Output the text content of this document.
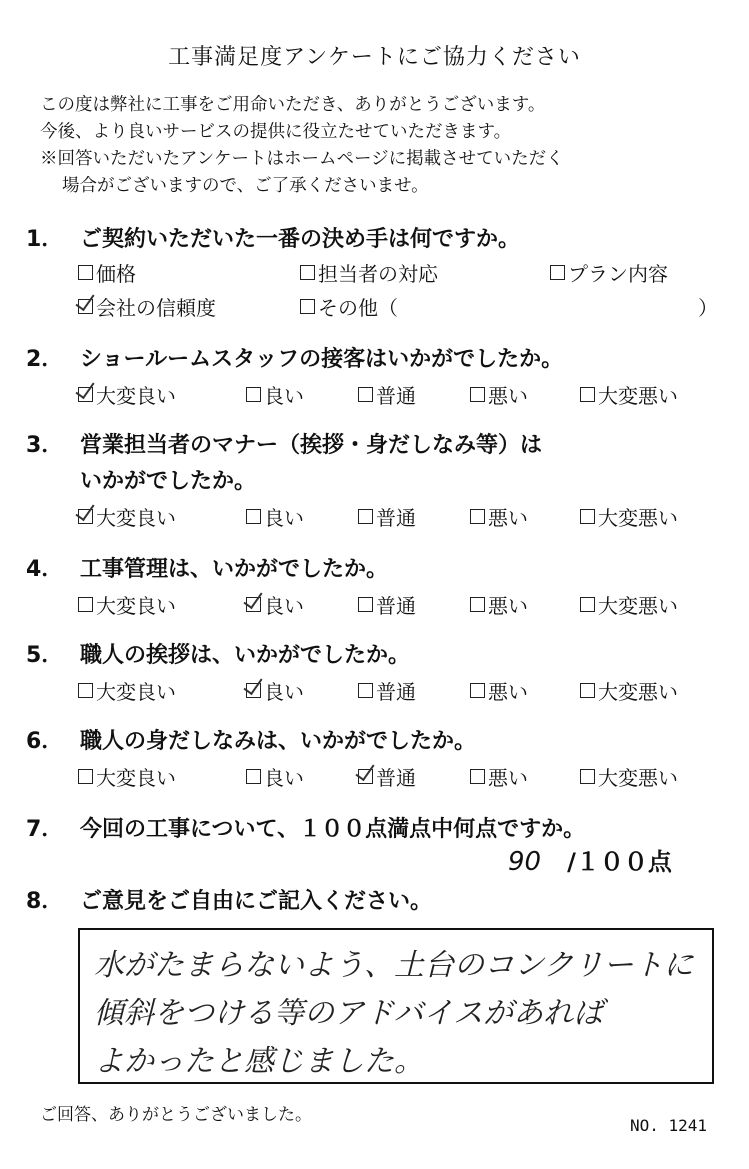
工事満足度アンケートにご協力ください
この度は弊社に工事をご用命いただき、ありがとうございます。
今後、より良いサービスの提供に役立たせていただきます。
※回答いただいたアンケートはホームページに掲載させていただく
場合がございますので、ご了承くださいませ。
1． ご契約いただいた一番の決め手は何ですか。
価格	担当者の対応	プラン内容
会社の信頼度	その他（	）
2． ショールームスタッフの接客はいかがでしたか。
大変良い	良い	普通	悪い	大変悪い
3． 営業担当者のマナー（挨拶・身だしなみ等）は
いかがでしたか。
大変良い	良い	普通	悪い	大変悪い
4． 工事管理は、いかがでしたか。
大変良い	良い	普通	悪い	大変悪い
5． 職人の挨拶は、いかがでしたか。
大変良い	良い	普通	悪い	大変悪い
6． 職人の身だしなみは、いかがでしたか。
大変良い	良い	普通	悪い	大変悪い
7． 今回の工事について、１００点満点中何点ですか。
90 /１００点
8． ご意見をご自由にご記入ください。
水がたまらないよう、土台のコンクリートに
傾斜をつける等のアドバイスがあれば
よかったと感じました。
ご回答、ありがとうございました。
NO. 1241
